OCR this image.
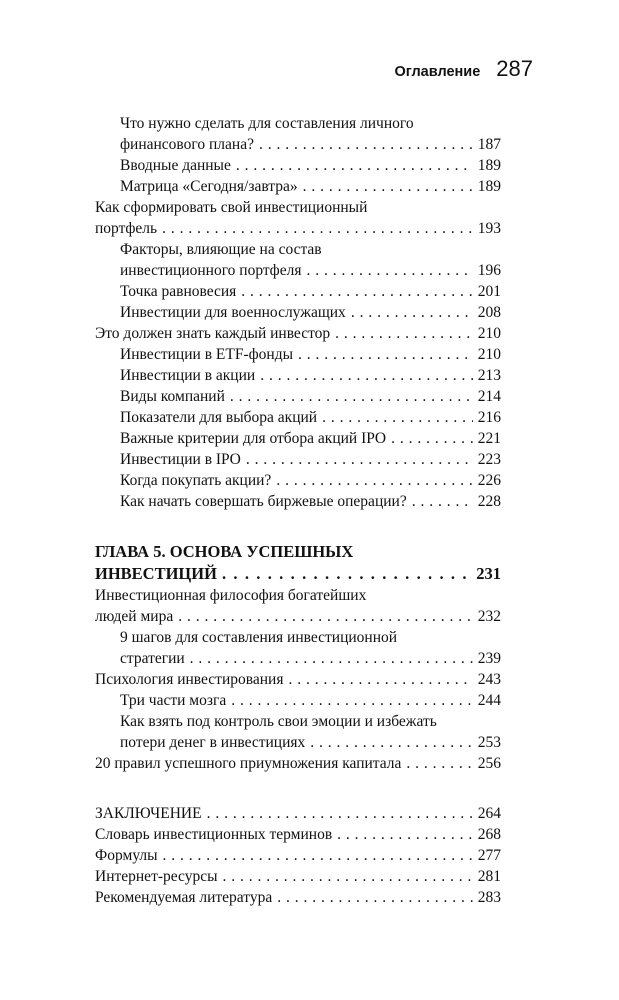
Оглавление 287
Что нужно сделать для составления личного
финансового плана? . . .	187
Вводные данные . . .	189
Матрица «Сегодня/завтра» . . .	189
Как сформировать свой инвестиционный
портфель . . .	193
Факторы, влияющие на состав
инвестиционного портфеля . . .	196
Точка равновесия . . .	201
Инвестиции для военнослужащих . . .	208
Это должен знать каждый инвестор . . .	210
Инвестиции в ETF-фонды . . .	210
Инвестиции в акции . . .	213
Виды компаний . . .	214
Показатели для выбора акций . . .	216
Важные критерии для отбора акций IPO . . .	221
Инвестиции в IPO . . .	223
Когда покупать акции? . . .	226
Как начать совершать биржевые операции? . . .	228
ГЛАВА 5. ОСНОВА УСПЕШНЫХ
ИНВЕСТИЦИЙ . . .	231
Инвестиционная философия богатейших
людей мира . . .	232
9 шагов для составления инвестиционной
стратегии . . .	239
Психология инвестирования . . .	243
Три части мозга . . .	244
Как взять под контроль свои эмоции и избежать
потери денег в инвестициях . . .	253
20 правил успешного приумножения капитала . . .	256
ЗАКЛЮЧЕНИЕ . . .	264
Словарь инвестиционных терминов . . .	268
Формулы . . .	277
Интернет-ресурсы . . .	281
Рекомендуемая литература . . .	283
